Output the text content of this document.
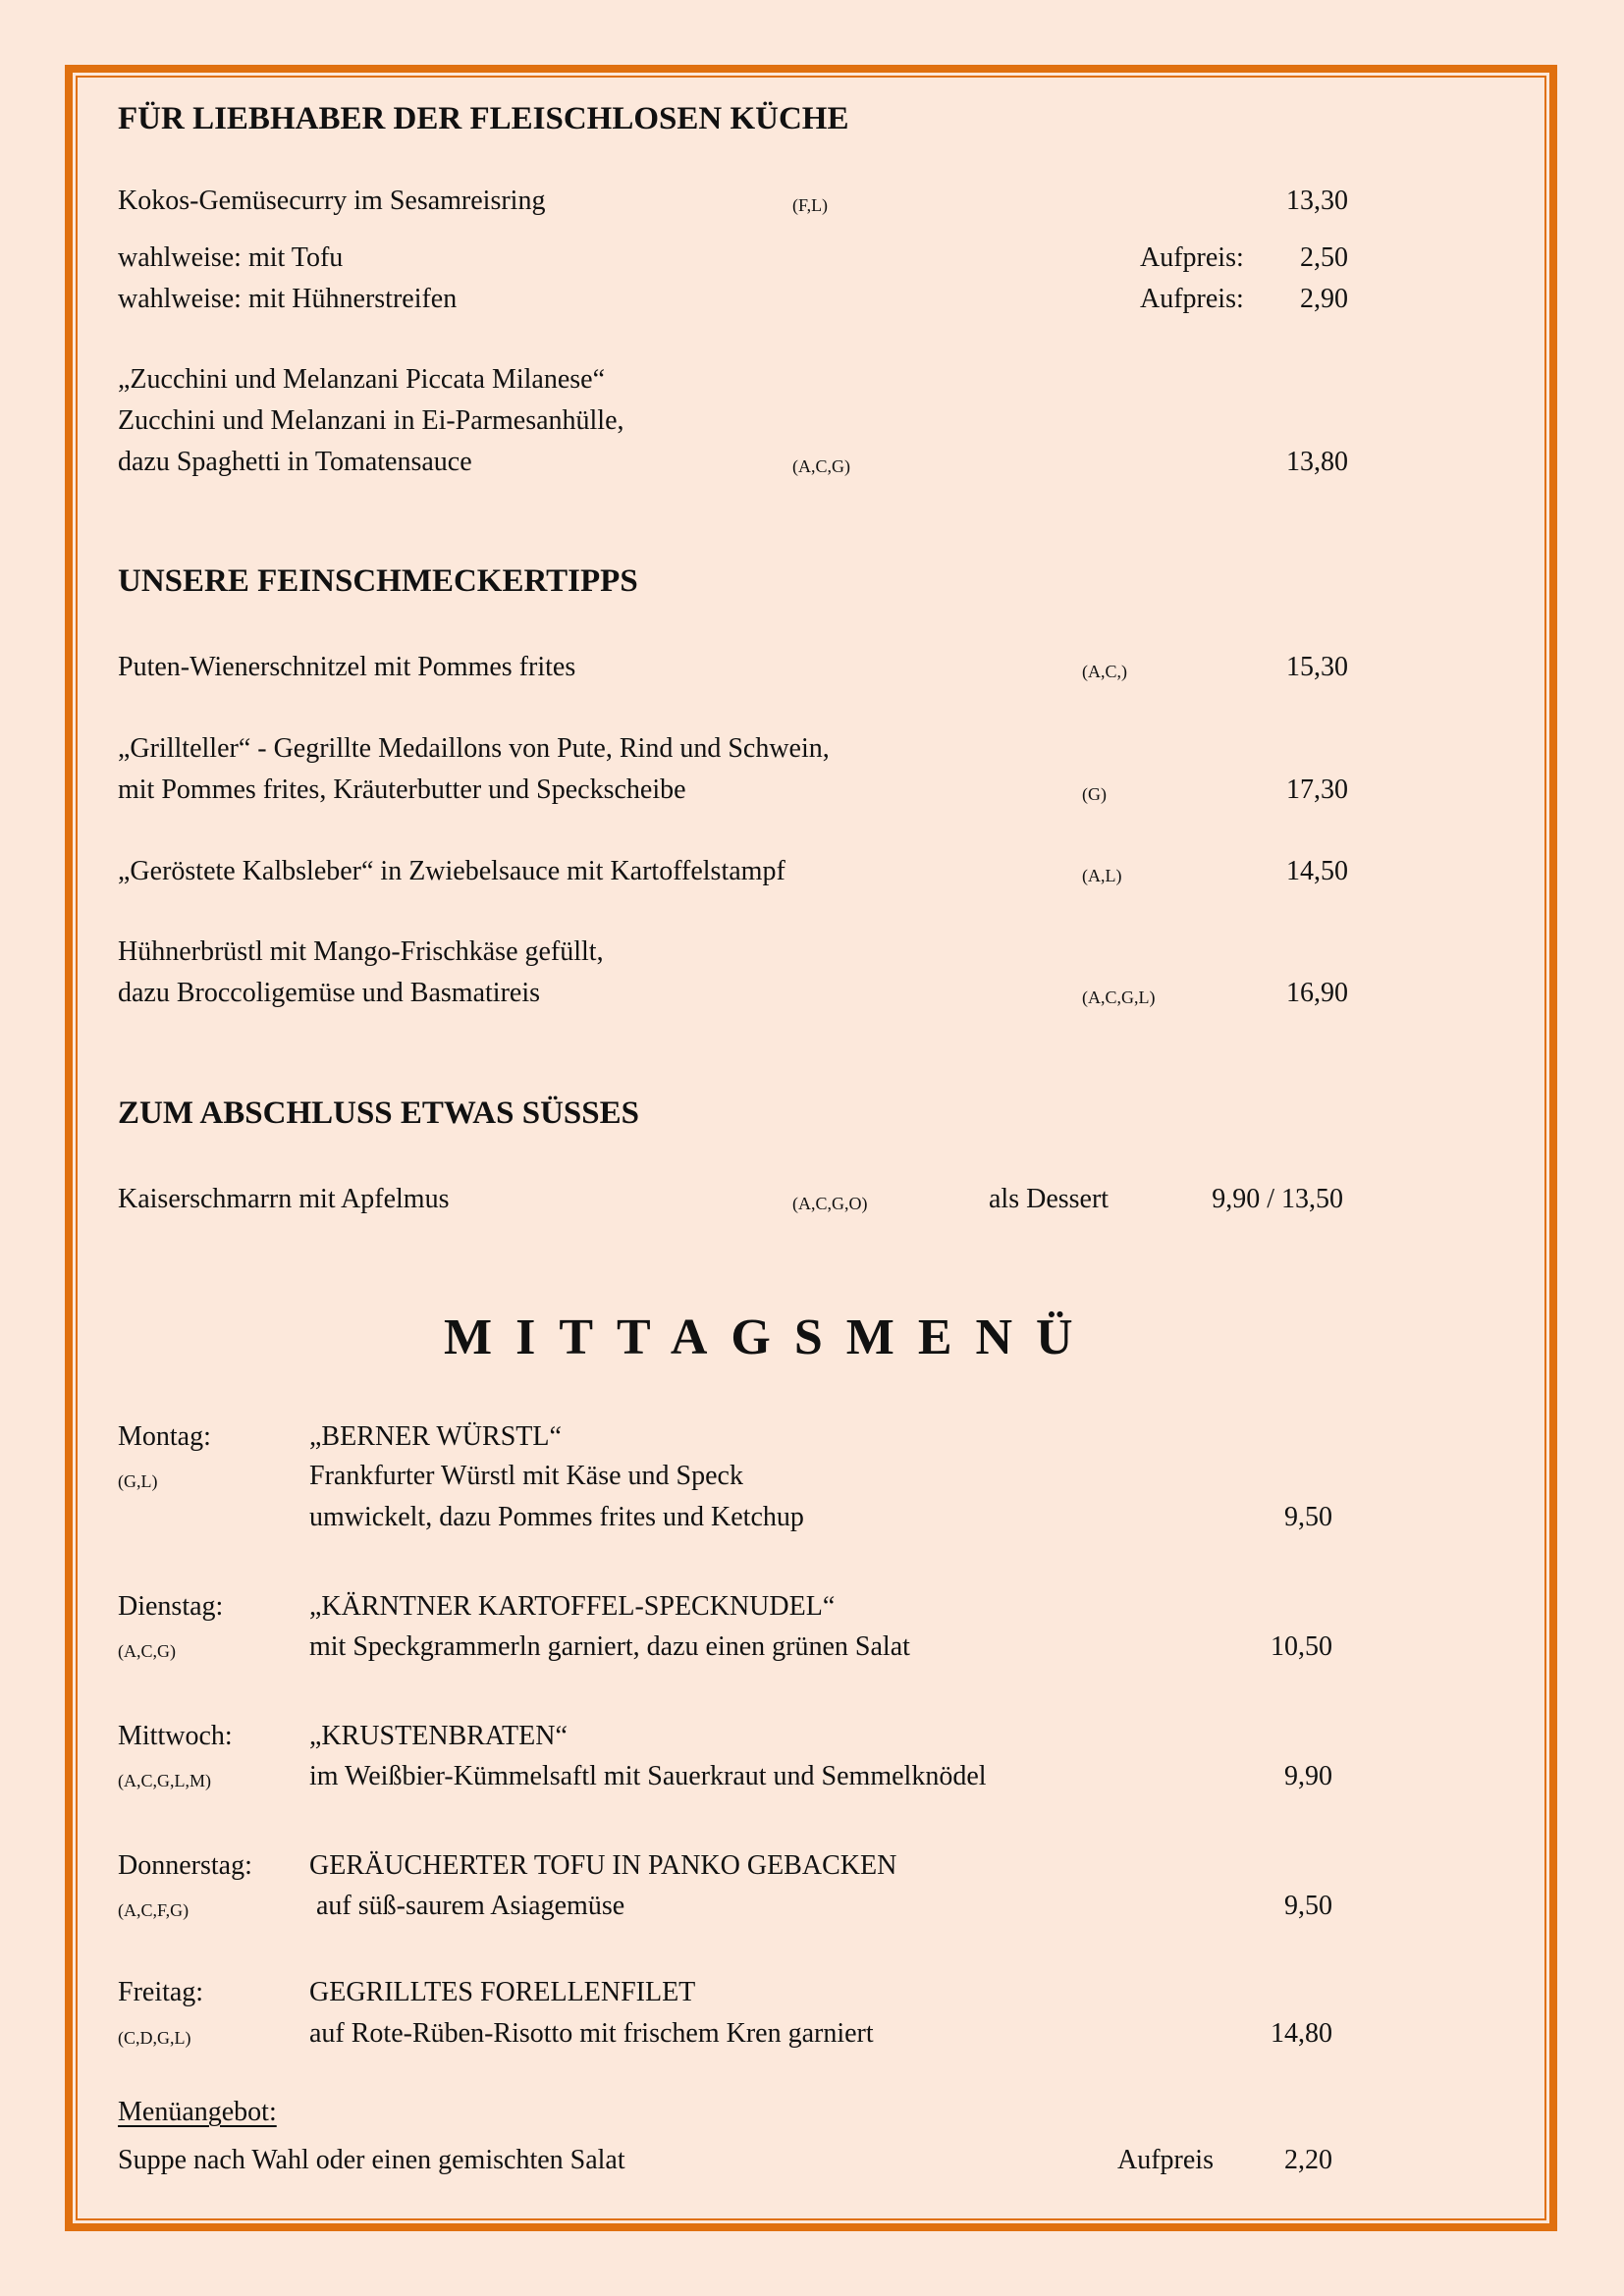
FÜR LIEBHABER DER FLEISCHLOSEN KÜCHE
Kokos-Gemüsecurry im Sesamreisring	(F,L)	13,30
wahlweise: mit Tofu	Aufpreis: 2,50
wahlweise: mit Hühnerstreifen	Aufpreis: 2,90
„Zucchini und Melanzani Piccata Milanese“
Zucchini und Melanzani in Ei-Parmesanhülle,
dazu Spaghetti in Tomatensauce	(A,C,G)	13,80
UNSERE FEINSCHMECKERTIPPS
Puten-Wienerschnitzel mit Pommes frites	(A,C,)	15,30
„Grillteller“ - Gegrillte Medaillons von Pute, Rind und Schwein,
mit Pommes frites, Kräuterbutter und Speckscheibe	(G)	17,30
„Geröstete Kalbsleber“ in Zwiebelsauce mit Kartoffelstampf	(A,L)	14,50
Hühnerbrüstl mit Mango-Frischkäse gefüllt,
dazu Broccoligemüse und Basmatireis	(A,C,G,L)	16,90
ZUM ABSCHLUSS ETWAS SÜSSES
Kaiserschmarrn mit Apfelmus	(A,C,G,O)	als Dessert	9,90 / 13,50
MITTAGSMENÜ
Montag:
(G,L)
„BERNER WÜRSTL“
Frankfurter Würstl mit Käse und Speck
umwickelt, dazu Pommes frites und Ketchup	9,50
Dienstag:
(A,C,G)
„KÄRNTNER KARTOFFEL-SPECKNUDEL“
mit Speckgrammerln garniert, dazu einen grünen Salat	10,50
Mittwoch:
(A,C,G,L,M)
„KRUSTENBRATEN“
im Weißbier-Kümmelsaftl mit Sauerkraut und Semmelknödel	9,90
Donnerstag:
(A,C,F,G)
GERÄUCHERTER TOFU IN PANKO GEBACKEN
auf süß-saurem Asiagemüse	9,50
Freitag:
(C,D,G,L)
GEGRILLTES FORELLENFILET
auf Rote-Rüben-Risotto mit frischem Kren garniert	14,80
Menüangebot:
Suppe nach Wahl oder einen gemischten Salat	Aufpreis	2,20
